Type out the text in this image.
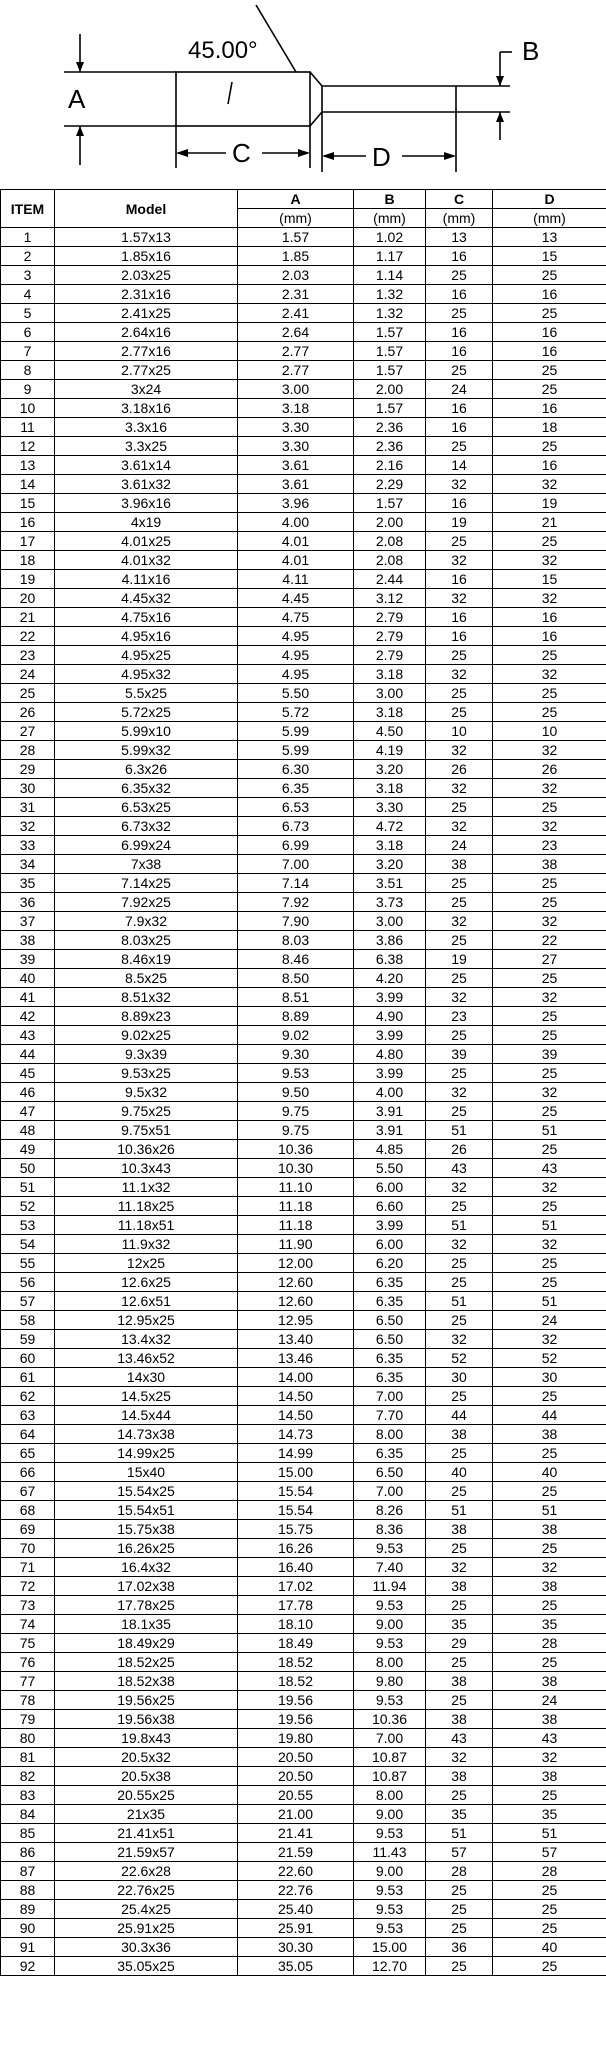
45.00°
A
B
C	D
ITEM	Model	A	B	C	D
		(mm)	(mm)	(mm)	(mm)
1	1.57x13	1.57	1.02	13	13
2	1.85x16	1.85	1.17	16	15
3	2.03x25	2.03	1.14	25	25
4	2.31x16	2.31	1.32	16	16
5	2.41x25	2.41	1.32	25	25
6	2.64x16	2.64	1.57	16	16
7	2.77x16	2.77	1.57	16	16
8	2.77x25	2.77	1.57	25	25
9	3x24	3.00	2.00	24	25
10	3.18x16	3.18	1.57	16	16
11	3.3x16	3.30	2.36	16	18
12	3.3x25	3.30	2.36	25	25
13	3.61x14	3.61	2.16	14	16
14	3.61x32	3.61	2.29	32	32
15	3.96x16	3.96	1.57	16	19
16	4x19	4.00	2.00	19	21
17	4.01x25	4.01	2.08	25	25
18	4.01x32	4.01	2.08	32	32
19	4.11x16	4.11	2.44	16	15
20	4.45x32	4.45	3.12	32	32
21	4.75x16	4.75	2.79	16	16
22	4.95x16	4.95	2.79	16	16
23	4.95x25	4.95	2.79	25	25
24	4.95x32	4.95	3.18	32	32
25	5.5x25	5.50	3.00	25	25
26	5.72x25	5.72	3.18	25	25
27	5.99x10	5.99	4.50	10	10
28	5.99x32	5.99	4.19	32	32
29	6.3x26	6.30	3.20	26	26
30	6.35x32	6.35	3.18	32	32
31	6.53x25	6.53	3.30	25	25
32	6.73x32	6.73	4.72	32	32
33	6.99x24	6.99	3.18	24	23
34	7x38	7.00	3.20	38	38
35	7.14x25	7.14	3.51	25	25
36	7.92x25	7.92	3.73	25	25
37	7.9x32	7.90	3.00	32	32
38	8.03x25	8.03	3.86	25	22
39	8.46x19	8.46	6.38	19	27
40	8.5x25	8.50	4.20	25	25
41	8.51x32	8.51	3.99	32	32
42	8.89x23	8.89	4.90	23	25
43	9.02x25	9.02	3.99	25	25
44	9.3x39	9.30	4.80	39	39
45	9.53x25	9.53	3.99	25	25
46	9.5x32	9.50	4.00	32	32
47	9.75x25	9.75	3.91	25	25
48	9.75x51	9.75	3.91	51	51
49	10.36x26	10.36	4.85	26	25
50	10.3x43	10.30	5.50	43	43
51	11.1x32	11.10	6.00	32	32
52	11.18x25	11.18	6.60	25	25
53	11.18x51	11.18	3.99	51	51
54	11.9x32	11.90	6.00	32	32
55	12x25	12.00	6.20	25	25
56	12.6x25	12.60	6.35	25	25
57	12.6x51	12.60	6.35	51	51
58	12.95x25	12.95	6.50	25	24
59	13.4x32	13.40	6.50	32	32
60	13.46x52	13.46	6.35	52	52
61	14x30	14.00	6.35	30	30
62	14.5x25	14.50	7.00	25	25
63	14.5x44	14.50	7.70	44	44
64	14.73x38	14.73	8.00	38	38
65	14.99x25	14.99	6.35	25	25
66	15x40	15.00	6.50	40	40
67	15.54x25	15.54	7.00	25	25
68	15.54x51	15.54	8.26	51	51
69	15.75x38	15.75	8.36	38	38
70	16.26x25	16.26	9.53	25	25
71	16.4x32	16.40	7.40	32	32
72	17.02x38	17.02	11.94	38	38
73	17.78x25	17.78	9.53	25	25
74	18.1x35	18.10	9.00	35	35
75	18.49x29	18.49	9.53	29	28
76	18.52x25	18.52	8.00	25	25
77	18.52x38	18.52	9.80	38	38
78	19.56x25	19.56	9.53	25	24
79	19.56x38	19.56	10.36	38	38
80	19.8x43	19.80	7.00	43	43
81	20.5x32	20.50	10.87	32	32
82	20.5x38	20.50	10.87	38	38
83	20.55x25	20.55	8.00	25	25
84	21x35	21.00	9.00	35	35
85	21.41x51	21.41	9.53	51	51
86	21.59x57	21.59	11.43	57	57
87	22.6x28	22.60	9.00	28	28
88	22.76x25	22.76	9.53	25	25
89	25.4x25	25.40	9.53	25	25
90	25.91x25	25.91	9.53	25	25
91	30.3x36	30.30	15.00	36	40
92	35.05x25	35.05	12.70	25	25
